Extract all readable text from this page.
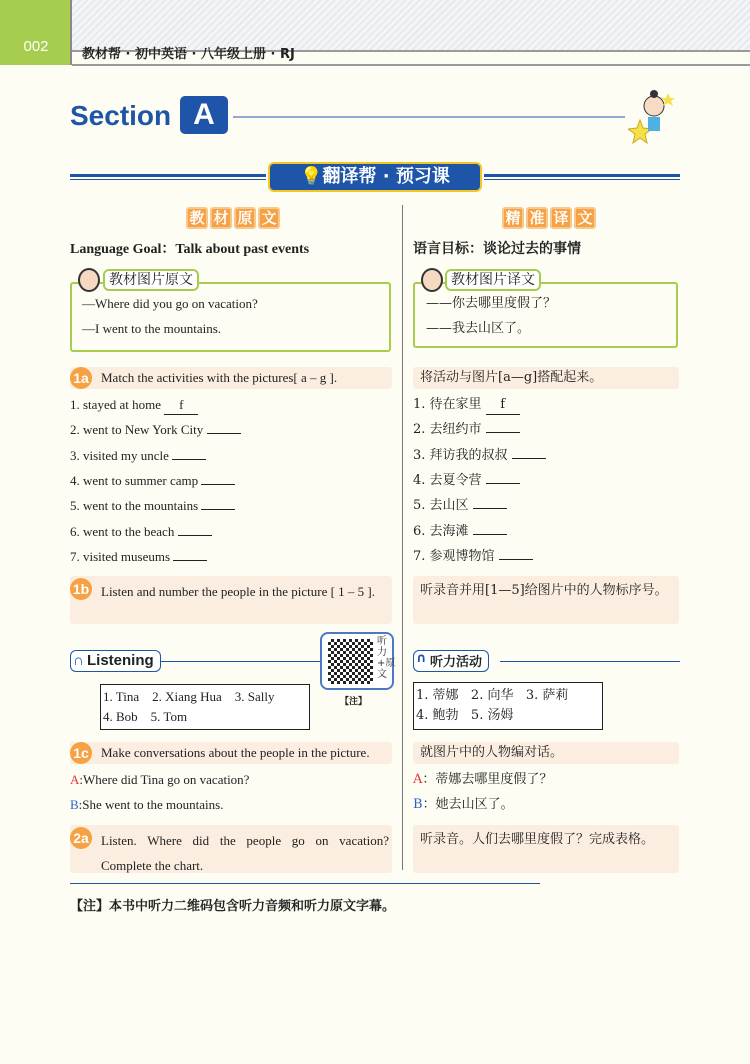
002	教材帮 · 初中英语 · 八年级上册 · RJ
Section A
💡翻译帮 · 预习课
教 材 原 文
Language Goal：Talk about past events
教材图片原文
—Where did you go on vacation?
—I went to the mountains.
1a Match the activities with the pictures[ a – g ].
1. stayed at home f
2. went to New York City
3. visited my uncle
4. went to summer camp
5. went to the mountains
6. went to the beach
7. visited museums
1b Listen and number the people in the picture [ 1 – 5 ].
∩ Listening
听力+原文
【注】
1. Tina    2. Xiang Hua    3. Sally
4. Bob    5. Tom
1c Make conversations about the people in the picture.
A:Where did Tina go on vacation?
B:She went to the mountains.
2a Listen. Where did the people go on vacation? Complete the chart.
精 准 译 文
语言目标：谈论过去的事情
教材图片译文
——你去哪里度假了？
——我去山区了。
将活动与图片[a—g]搭配起来。
1. 待在家里 f
2. 去纽约市
3. 拜访我的叔叔
4. 去夏令营
5. 去山区
6. 去海滩
7. 参观博物馆
听录音并用[1—5]给图片中的人物标序号。
∩ 听力活动
1. 蒂娜   2. 向华   3. 萨莉
4. 鲍勃   5. 汤姆
就图片中的人物编对话。
A：蒂娜去哪里度假了？
B：她去山区了。
听录音。人们去哪里度假了？完成表格。
【注】本书中听力二维码包含听力音频和听力原文字幕。
